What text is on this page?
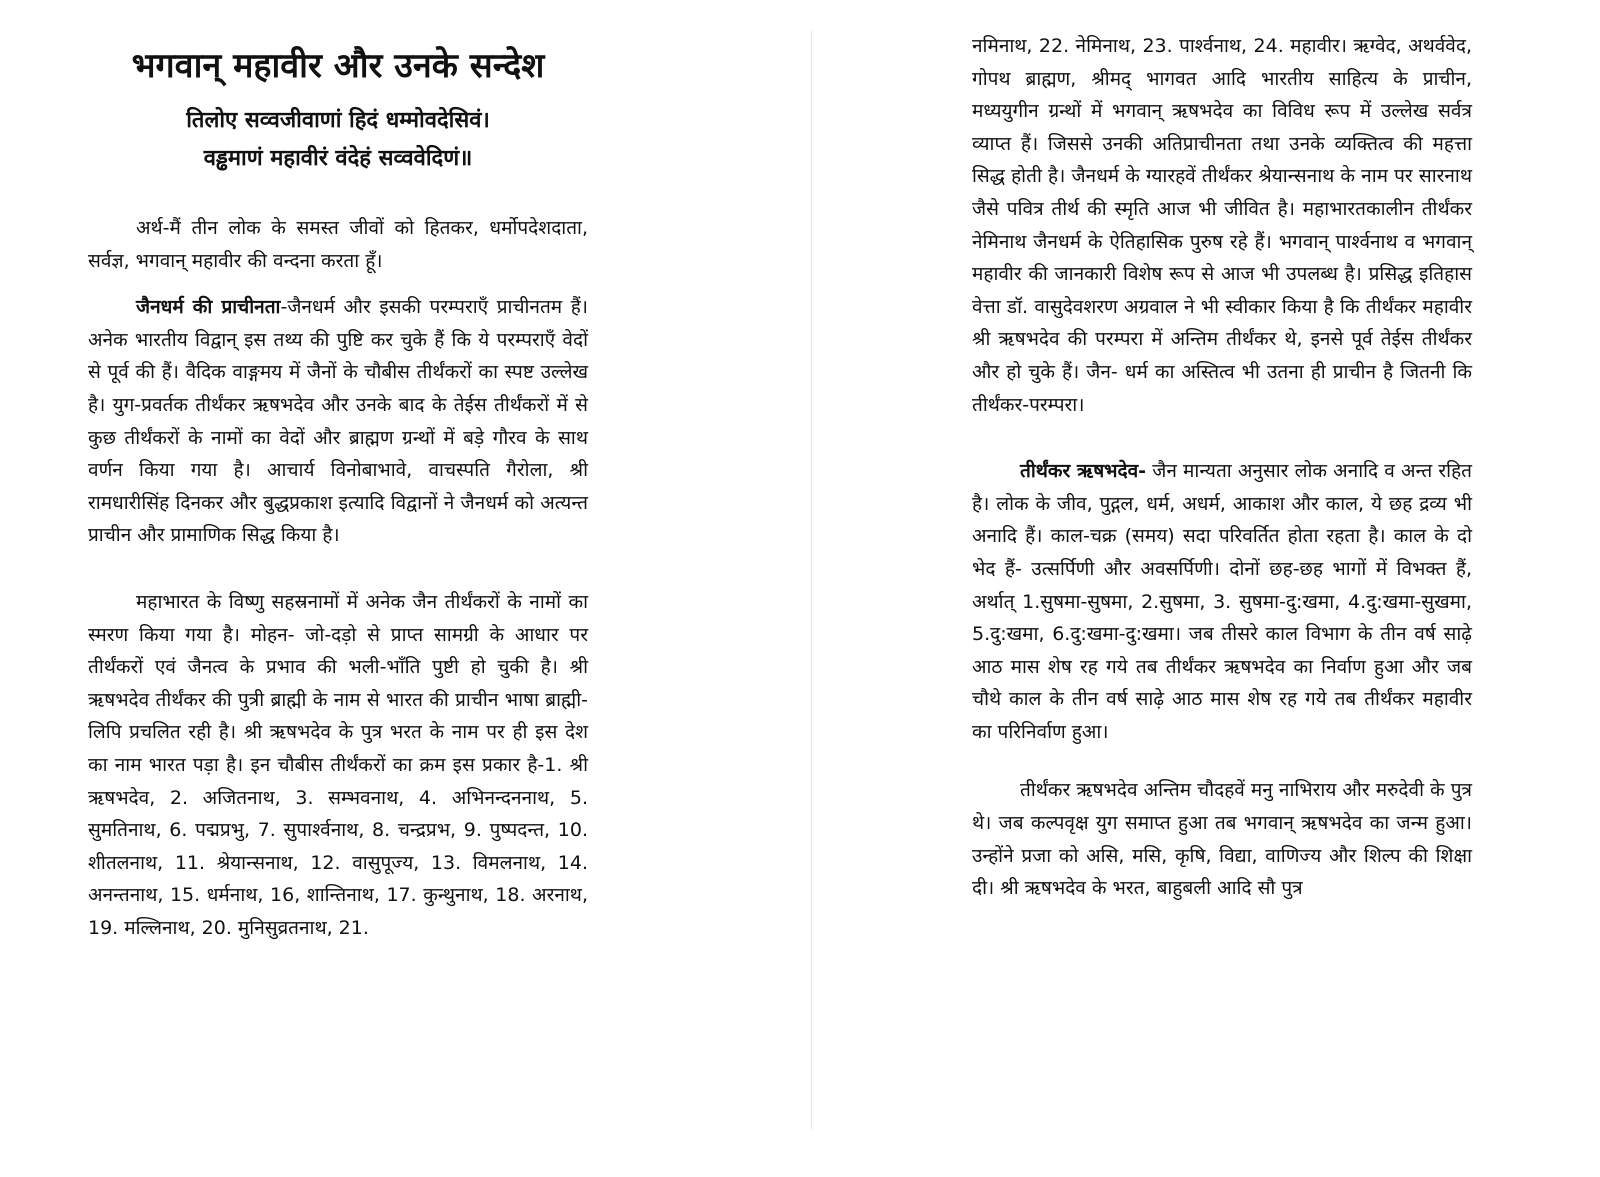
भगवान् महावीर और उनके सन्देश
तिलोए सव्वजीवाणां हिदं धम्मोवदेसिवं।
वड्ढमाणं महावीरं वंदेहं सव्ववेदिणं॥

अर्थ-मैं तीन लोक के समस्त जीवों को हितकर, धर्मोपदेशदाता, सर्वज्ञ, भगवान् महावीर की वन्दना करता हूँ।

जैनधर्म की प्राचीनता-जैनधर्म और इसकी परम्पराएँ प्राचीनतम हैं। अनेक भारतीय विद्वान् इस तथ्य की पुष्टि कर चुके हैं कि ये परम्पराएँ वेदों से पूर्व की हैं। वैदिक वाङ्गमय में जैनों के चौबीस तीर्थंकरों का स्पष्ट उल्लेख है। युग-प्रवर्तक तीर्थंकर ऋषभदेव और उनके बाद के तेईस तीर्थंकरों में से कुछ तीर्थंकरों के नामों का वेदों और ब्राह्मण ग्रन्थों में बड़े गौरव के साथ वर्णन किया गया है। आचार्य विनोबाभावे, वाचस्पति गैरोला, श्री रामधारीसिंह दिनकर और बुद्धप्रकाश इत्यादि विद्वानों ने जैनधर्म को अत्यन्त प्राचीन और प्रामाणिक सिद्ध किया है।

महाभारत के विष्णु सहस्रनामों में अनेक जैन तीर्थंकरों के नामों का स्मरण किया गया है। मोहन- जो-दड़ो से प्राप्त सामग्री के आधार पर तीर्थंकरों एवं जैनत्व के प्रभाव की भली-भाँति पुष्टी हो चुकी है। श्री ऋषभदेव तीर्थंकर की पुत्री ब्राह्मी के नाम से भारत की प्राचीन भाषा ब्राह्मी-लिपि प्रचलित रही है। श्री ऋषभदेव के पुत्र भरत के नाम पर ही इस देश का नाम भारत पड़ा है। इन चौबीस तीर्थंकरों का क्रम इस प्रकार है-1. श्री ऋषभदेव, 2. अजितनाथ, 3. सम्भवनाथ, 4. अभिनन्दननाथ, 5. सुमतिनाथ, 6. पद्मप्रभु, 7. सुपार्श्वनाथ, 8. चन्द्रप्रभ, 9. पुष्पदन्त, 10. शीतलनाथ, 11. श्रेयान्सनाथ, 12. वासुपूज्य, 13. विमलनाथ, 14. अनन्तनाथ, 15. धर्मनाथ, 16, शान्तिनाथ, 17. कुन्थुनाथ, 18. अरनाथ, 19. मल्लिनाथ, 20. मुनिसुव्रतनाथ, 21.

नमिनाथ, 22. नेमिनाथ, 23. पार्श्वनाथ, 24. महावीर। ऋग्वेद, अथर्ववेद, गोपथ ब्राह्मण, श्रीमद् भागवत आदि भारतीय साहित्य के प्राचीन, मध्ययुगीन ग्रन्थों में भगवान् ऋषभदेव का विविध रूप में उल्लेख सर्वत्र व्याप्त हैं। जिससे उनकी अतिप्राचीनता तथा उनके व्यक्तित्व की महत्ता सिद्ध होती है। जैनधर्म के ग्यारहवें तीर्थंकर श्रेयान्सनाथ के नाम पर सारनाथ जैसे पवित्र तीर्थ की स्मृति आज भी जीवित है। महाभारतकालीन तीर्थंकर नेमिनाथ जैनधर्म के ऐतिहासिक पुरुष रहे हैं। भगवान् पार्श्वनाथ व भगवान् महावीर की जानकारी विशेष रूप से आज भी उपलब्ध है। प्रसिद्ध इतिहास वेत्ता डॉ. वासुदेवशरण अग्रवाल ने भी स्वीकार किया है कि तीर्थंकर महावीर श्री ऋषभदेव की परम्परा में अन्तिम तीर्थंकर थे, इनसे पूर्व तेईस तीर्थंकर और हो चुके हैं। जैन- धर्म का अस्तित्व भी उतना ही प्राचीन है जितनी कि तीर्थंकर-परम्परा।

तीर्थंकर ऋषभदेव- जैन मान्यता अनुसार लोक अनादि व अन्त रहित है। लोक के जीव, पुद्गल, धर्म, अधर्म, आकाश और काल, ये छह द्रव्य भी अनादि हैं। काल-चक्र (समय) सदा परिवर्तित होता रहता है। काल के दो भेद हैं- उत्सर्पिणी और अवसर्पिणी। दोनों छह-छह भागों में विभक्त हैं, अर्थात् 1.सुषमा-सुषमा, 2.सुषमा, 3. सुषमा-दु:खमा, 4.दु:खमा-सुखमा, 5.दु:खमा, 6.दु:खमा-दु:खमा। जब तीसरे काल विभाग के तीन वर्ष साढ़े आठ मास शेष रह गये तब तीर्थंकर ऋषभदेव का निर्वाण हुआ और जब चौथे काल के तीन वर्ष साढ़े आठ मास शेष रह गये तब तीर्थंकर महावीर का परिनिर्वाण हुआ।

तीर्थंकर ऋषभदेव अन्तिम चौदहवें मनु नाभिराय और मरुदेवी के पुत्र थे। जब कल्पवृक्ष युग समाप्त हुआ तब भगवान् ऋषभदेव का जन्म हुआ। उन्होंने प्रजा को असि, मसि, कृषि, विद्या, वाणिज्य और शिल्प की शिक्षा दी। श्री ऋषभदेव के भरत, बाहुबली आदि सौ पुत्र
